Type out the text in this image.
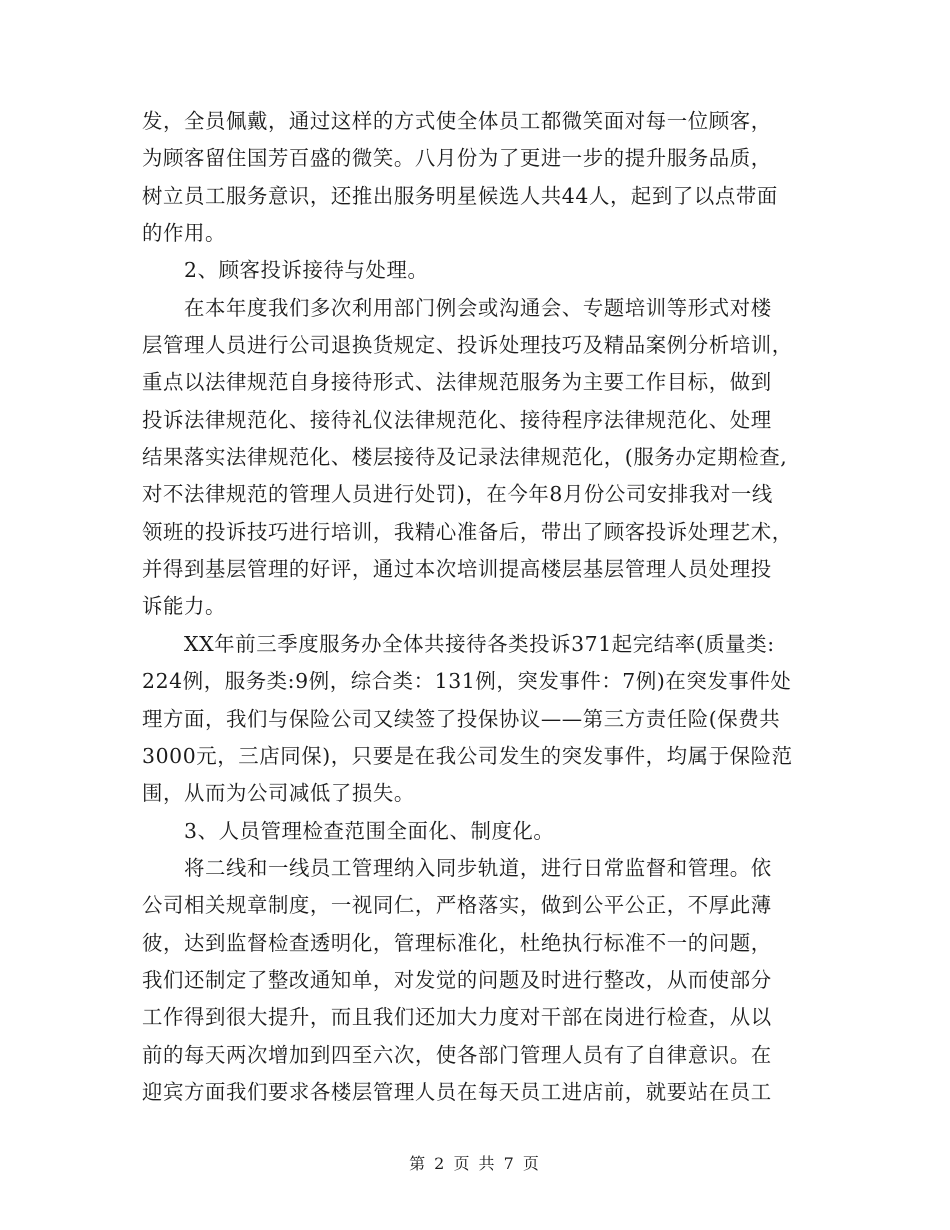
发，全员佩戴，通过这样的方式使全体员工都微笑面对每一位顾客，
为顾客留住国芳百盛的微笑。八月份为了更进一步的提升服务品质，
树立员工服务意识，还推出服务明星候选人共44人，起到了以点带面
的作用。
2、顾客投诉接待与处理。
在本年度我们多次利用部门例会或沟通会、专题培训等形式对楼
层管理人员进行公司退换货规定、投诉处理技巧及精品案例分析培训，
重点以法律规范自身接待形式、法律规范服务为主要工作目标，做到
投诉法律规范化、接待礼仪法律规范化、接待程序法律规范化、处理
结果落实法律规范化、楼层接待及记录法律规范化，(服务办定期检查,
对不法律规范的管理人员进行处罚)，在今年8月份公司安排我对一线
领班的投诉技巧进行培训，我精心准备后，带出了顾客投诉处理艺术，
并得到基层管理的好评，通过本次培训提高楼层基层管理人员处理投
诉能力。
XX年前三季度服务办全体共接待各类投诉371起完结率(质量类:
224例，服务类:9例，综合类：131例，突发事件：7例)在突发事件处
理方面，我们与保险公司又续签了投保协议——第三方责任险(保费共
3000元，三店同保)，只要是在我公司发生的突发事件，均属于保险范
围，从而为公司减低了损失。
3、人员管理检查范围全面化、制度化。
将二线和一线员工管理纳入同步轨道，进行日常监督和管理。依
公司相关规章制度，一视同仁，严格落实，做到公平公正，不厚此薄
彼，达到监督检查透明化，管理标准化，杜绝执行标准不一的问题，
我们还制定了整改通知单，对发觉的问题及时进行整改，从而使部分
工作得到很大提升，而且我们还加大力度对干部在岗进行检查，从以
前的每天两次增加到四至六次，使各部门管理人员有了自律意识。在
迎宾方面我们要求各楼层管理人员在每天员工进店前，就要站在员工
第 2 页 共 7 页
